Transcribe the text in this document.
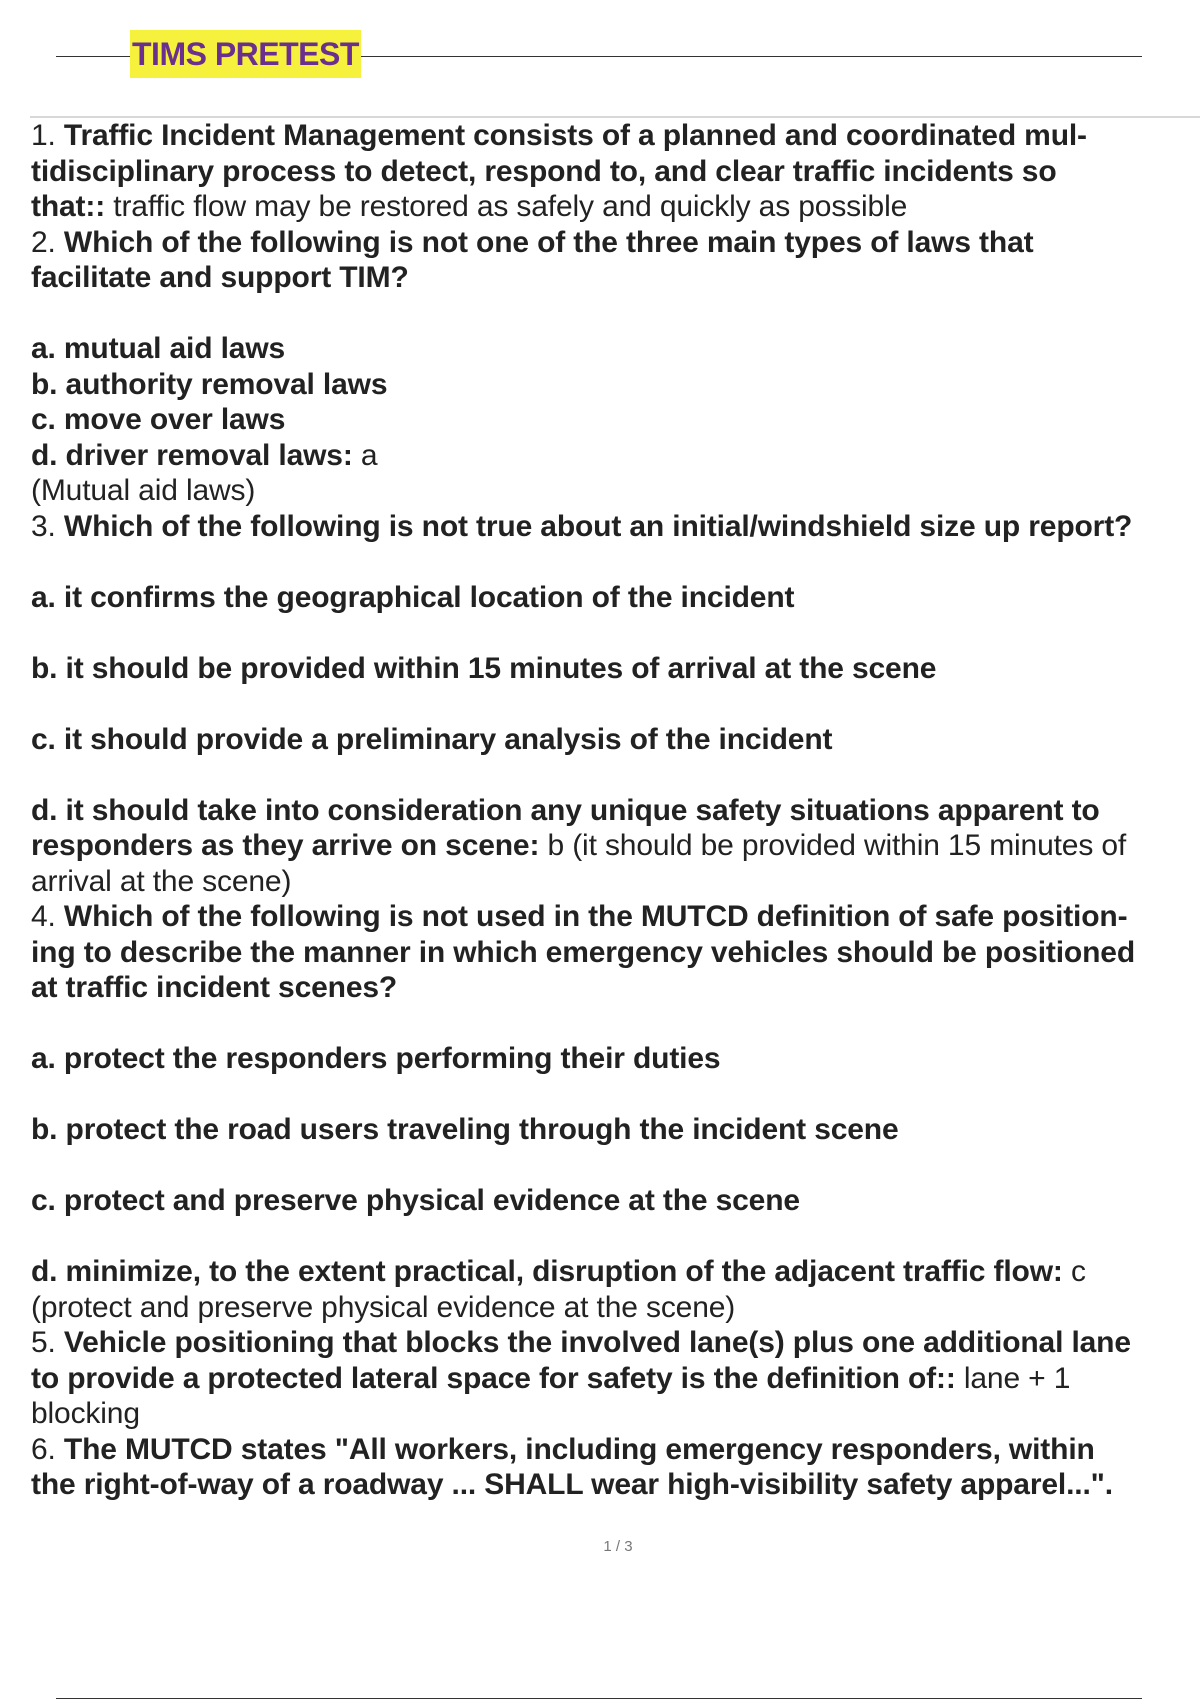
TIMS PRETEST

1. Traffic Incident Management consists of a planned and coordinated mul-

tidisciplinary process to detect, respond to, and clear traffic incidents so

that:: traffic flow may be restored as safely and quickly as possible

2. Which of the following is not one of the three main types of laws that

facilitate and support TIM?

a. mutual aid laws

b. authority removal laws

c. move over laws

d. driver removal laws: a

(Mutual aid laws)

3. Which of the following is not true about an initial/windshield size up report?

a. it confirms the geographical location of the incident

b. it should be provided within 15 minutes of arrival at the scene

c. it should provide a preliminary analysis of the incident

d. it should take into consideration any unique safety situations apparent to

responders as they arrive on scene: b (it should be provided within 15 minutes of

arrival at the scene)

4. Which of the following is not used in the MUTCD definition of safe position-

ing to describe the manner in which emergency vehicles should be positioned

at traffic incident scenes?

a. protect the responders performing their duties

b. protect the road users traveling through the incident scene

c. protect and preserve physical evidence at the scene

d. minimize, to the extent practical, disruption of the adjacent traffic flow: c

(protect and preserve physical evidence at the scene)

5. Vehicle positioning that blocks the involved lane(s) plus one additional lane

to provide a protected lateral space for safety is the definition of:: lane + 1

blocking

6. The MUTCD states "All workers, including emergency responders, within

the right-of-way of a roadway ... SHALL wear high-visibility safety apparel...".

1 / 3
